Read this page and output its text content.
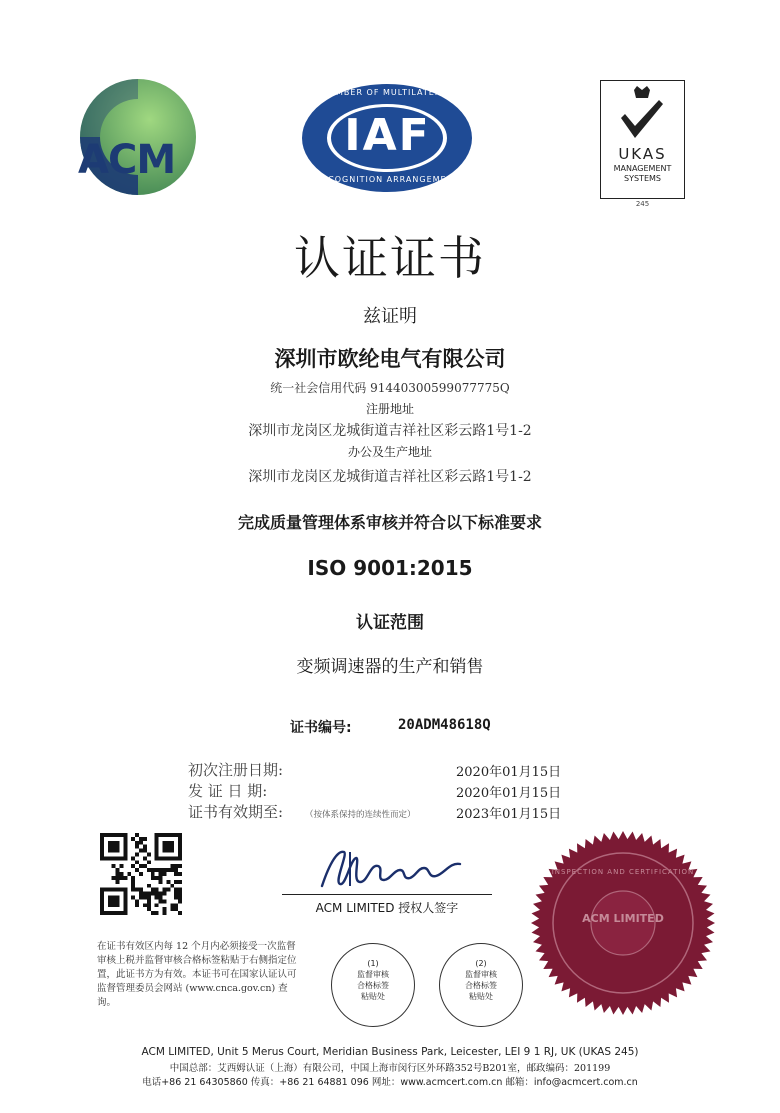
ACM	IAF
MEMBER OF MULTILATERAL
RECOGNITION ARRANGEMENT
UKAS
MANAGEMENT
SYSTEMS
245
认证证书
兹证明
深圳市欧纶电气有限公司
统一社会信用代码 91440300599077775Q
注册地址
深圳市龙岗区龙城街道吉祥社区彩云路1号1-2
办公及生产地址
深圳市龙岗区龙城街道吉祥社区彩云路1号1-2
完成质量管理体系审核并符合以下标准要求
ISO 9001:2015
认证范围
变频调速器的生产和销售
证书编号:	20ADM48618Q
初次注册日期:	2020年01月15日
发 证 日 期:	2020年01月15日
证书有效期至:	（按体系保持的连续性而定）	2023年01月15日
ACM LIMITED 授权人签字
ACM LIMITED
INSPECTION AND CERTIFICATION
在证书有效区内每 12 个月内必须接受一次监督审核上税并监督审核合格标签粘贴于右侧指定位置，此证书方为有效。本证书可在国家认证认可监督管理委员会网站 (www.cnca.gov.cn) 查询。
(1)
监督审核
合格标签
粘贴处
(2)
监督审核
合格标签
粘贴处
ACM LIMITED, Unit 5 Merus Court, Meridian Business Park, Leicester, LEI 9 1 RJ, UK (UKAS 245)
中国总部：艾西姆认证（上海）有限公司，中国上海市闵行区外环路352号B201室，邮政编码：201199
电话+86 21 64305860 传真：+86 21 64881 096 网址：www.acmcert.com.cn 邮箱：info@acmcert.com.cn
